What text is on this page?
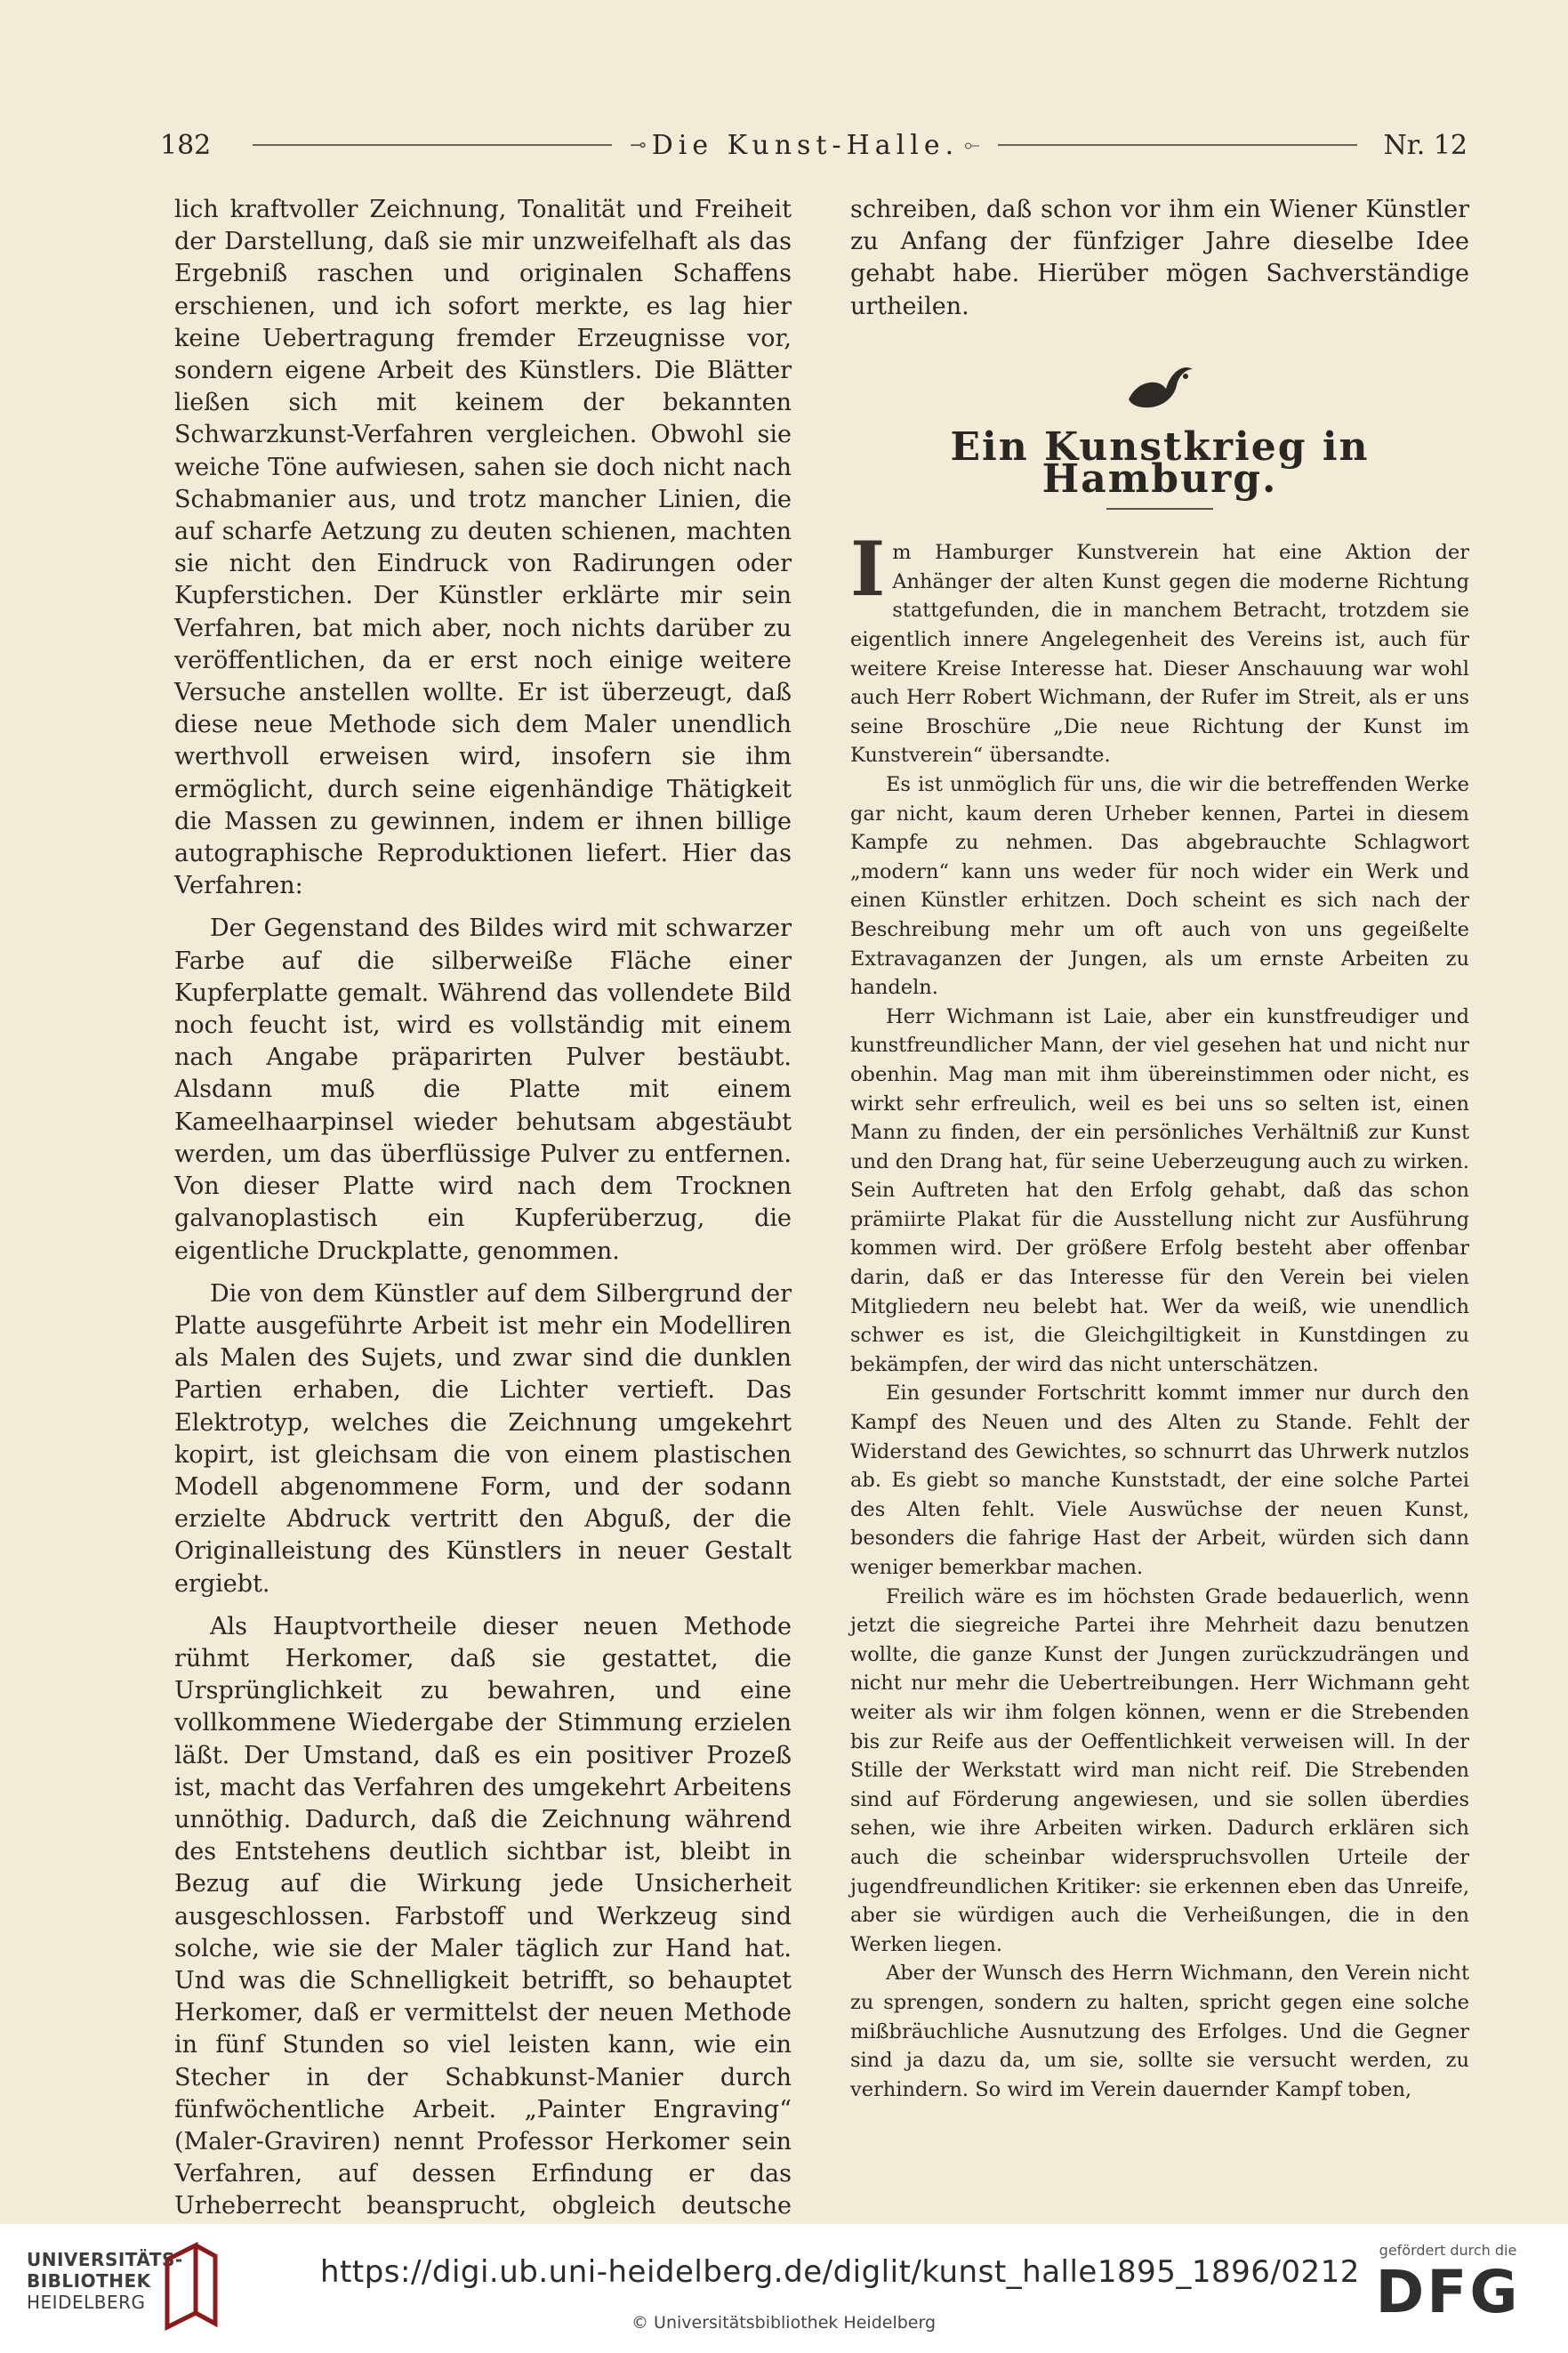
182	⊸ Die Kunst-Halle. ⟜	Nr. 12

lich kraftvoller Zeichnung, Tonalität und Freiheit der Darstellung, daß sie mir unzweifelhaft als das Ergebniß raschen und originalen Schaffens erschienen, und ich sofort merkte, es lag hier keine Uebertragung fremder Erzeugnisse vor, sondern eigene Arbeit des Künstlers. Die Blätter ließen sich mit keinem der bekannten Schwarzkunst-Verfahren vergleichen. Obwohl sie weiche Töne aufwiesen, sahen sie doch nicht nach Schabmanier aus, und trotz mancher Linien, die auf scharfe Aetzung zu deuten schienen, machten sie nicht den Eindruck von Radirungen oder Kupferstichen. Der Künstler erklärte mir sein Verfahren, bat mich aber, noch nichts darüber zu veröffentlichen, da er erst noch einige weitere Versuche anstellen wollte. Er ist überzeugt, daß diese neue Methode sich dem Maler unendlich werthvoll erweisen wird, insofern sie ihm ermöglicht, durch seine eigenhändige Thätigkeit die Massen zu gewinnen, indem er ihnen billige autographische Reproduktionen liefert. Hier das Verfahren:

Der Gegenstand des Bildes wird mit schwarzer Farbe auf die silberweiße Fläche einer Kupferplatte gemalt. Während das vollendete Bild noch feucht ist, wird es vollständig mit einem nach Angabe präparirten Pulver bestäubt. Alsdann muß die Platte mit einem Kameelhaarpinsel wieder behutsam abgestäubt werden, um das überflüssige Pulver zu entfernen. Von dieser Platte wird nach dem Trocknen galvanoplastisch ein Kupferüberzug, die eigentliche Druckplatte, genommen.

Die von dem Künstler auf dem Silbergrund der Platte ausgeführte Arbeit ist mehr ein Modelliren als Malen des Sujets, und zwar sind die dunklen Partien erhaben, die Lichter vertieft. Das Elektrotyp, welches die Zeichnung umgekehrt kopirt, ist gleichsam die von einem plastischen Modell abgenommene Form, und der sodann erzielte Abdruck vertritt den Abguß, der die Originalleistung des Künstlers in neuer Gestalt ergiebt.

Als Hauptvortheile dieser neuen Methode rühmt Herkomer, daß sie gestattet, die Ursprünglichkeit zu bewahren, und eine vollkommene Wiedergabe der Stimmung erzielen läßt. Der Umstand, daß es ein positiver Prozeß ist, macht das Verfahren des umgekehrt Arbeitens unnöthig. Dadurch, daß die Zeichnung während des Entstehens deutlich sichtbar ist, bleibt in Bezug auf die Wirkung jede Unsicherheit ausgeschlossen. Farbstoff und Werkzeug sind solche, wie sie der Maler täglich zur Hand hat. Und was die Schnelligkeit betrifft, so behauptet Herkomer, daß er vermittelst der neuen Methode in fünf Stunden so viel leisten kann, wie ein Stecher in der Schabkunst-Manier durch fünfwöchentliche Arbeit. „Painter Engraving“ (Maler-Graviren) nennt Professor Herkomer sein Verfahren, auf dessen Erfindung er das Urheberrecht beansprucht, obgleich deutsche

schreiben, daß schon vor ihm ein Wiener Künstler zu Anfang der fünfziger Jahre dieselbe Idee gehabt habe. Hierüber mögen Sachverständige urtheilen.

Ein Kunstkrieg in Hamburg.

Im Hamburger Kunstverein hat eine Aktion der Anhänger der alten Kunst gegen die moderne Richtung stattgefunden, die in manchem Betracht, trotzdem sie eigentlich innere Angelegenheit des Vereins ist, auch für weitere Kreise Interesse hat. Dieser Anschauung war wohl auch Herr Robert Wichmann, der Rufer im Streit, als er uns seine Broschüre „Die neue Richtung der Kunst im Kunstverein“ übersandte.

Es ist unmöglich für uns, die wir die betreffenden Werke gar nicht, kaum deren Urheber kennen, Partei in diesem Kampfe zu nehmen. Das abgebrauchte Schlagwort „modern“ kann uns weder für noch wider ein Werk und einen Künstler erhitzen. Doch scheint es sich nach der Beschreibung mehr um oft auch von uns gegeißelte Extravaganzen der Jungen, als um ernste Arbeiten zu handeln.

Herr Wichmann ist Laie, aber ein kunstfreudiger und kunstfreundlicher Mann, der viel gesehen hat und nicht nur obenhin. Mag man mit ihm übereinstimmen oder nicht, es wirkt sehr erfreulich, weil es bei uns so selten ist, einen Mann zu finden, der ein persönliches Verhältniß zur Kunst und den Drang hat, für seine Ueberzeugung auch zu wirken. Sein Auftreten hat den Erfolg gehabt, daß das schon prämiirte Plakat für die Ausstellung nicht zur Ausführung kommen wird. Der größere Erfolg besteht aber offenbar darin, daß er das Interesse für den Verein bei vielen Mitgliedern neu belebt hat. Wer da weiß, wie unendlich schwer es ist, die Gleichgiltigkeit in Kunstdingen zu bekämpfen, der wird das nicht unterschätzen.

Ein gesunder Fortschritt kommt immer nur durch den Kampf des Neuen und des Alten zu Stande. Fehlt der Widerstand des Gewichtes, so schnurrt das Uhrwerk nutzlos ab. Es giebt so manche Kunststadt, der eine solche Partei des Alten fehlt. Viele Auswüchse der neuen Kunst, besonders die fahrige Hast der Arbeit, würden sich dann weniger bemerkbar machen.

Freilich wäre es im höchsten Grade bedauerlich, wenn jetzt die siegreiche Partei ihre Mehrheit dazu benutzen wollte, die ganze Kunst der Jungen zurückzudrängen und nicht nur mehr die Uebertreibungen. Herr Wichmann geht weiter als wir ihm folgen können, wenn er die Strebenden bis zur Reife aus der Oeffentlichkeit verweisen will. In der Stille der Werkstatt wird man nicht reif. Die Strebenden sind auf Förderung angewiesen, und sie sollen überdies sehen, wie ihre Arbeiten wirken. Dadurch erklären sich auch die scheinbar widerspruchsvollen Urteile der jugendfreundlichen Kritiker: sie erkennen eben das Unreife, aber sie würdigen auch die Verheißungen, die in den Werken liegen.

Aber der Wunsch des Herrn Wichmann, den Verein nicht zu sprengen, sondern zu halten, spricht gegen eine solche mißbräuchliche Ausnutzung des Erfolges. Und die Gegner sind ja dazu da, um sie, sollte sie versucht werden, zu verhindern. So wird im Verein dauernder Kampf toben,

UNIVERSITÄTS-
BIBLIOTHEK
HEIDELBERG
https://digi.ub.uni-heidelberg.de/diglit/kunst_halle1895_1896/0212
© Universitätsbibliothek Heidelberg
gefördert durch die
DFG
